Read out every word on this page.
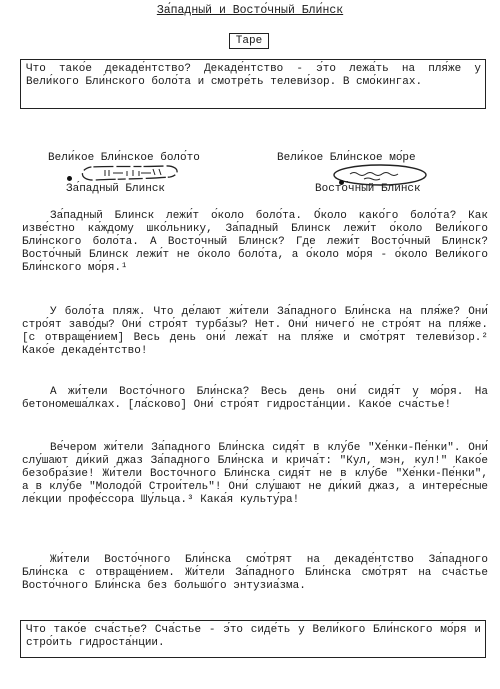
За́падный и Восто́чный Бли́нск
Tape
Что тако́е декаде́нтство? Декаде́нтство - э́то лежа́ть на пля́же у Вели́кого Бли́нского боло́та и смотре́ть телеви́зор. В смо́кингах.
Вели́кое Бли́нское боло́то	Вели́кое Бли́нское мо́ре
За́падный Блинск	Восто́чный Блинск
За́падный Блинск лежи́т о́коло боло́та. О́коло како́го боло́та? Как изве́стно ка́ждому шко́льнику, За́падный Блинск лежи́т о́коло Вели́кого Бли́нского боло́та. А Восто́чный Блинск? Где лежи́т Восто́чный Блинск? Восто́чный Блинск лежи́т не о́коло боло́та, а о́коло мо́ря - о́коло Вели́кого Бли́нского мо́ря.¹
У боло́та пляж. Что де́лают жи́тели За́падного Бли́нска на пля́же? Они́ стро́ят заво́ды? Они́ стро́ят турба́зы? Нет. Они́ ничего́ не стро́ят на пля́же. [с отвраще́нием] Весь день они́ лежа́т на пля́же и смо́трят телеви́зор.² Како́е декаде́нтство!
А жи́тели Восто́чного Бли́нска? Весь день они́ сидя́т у мо́ря. На бетономеша́лках. [ла́сково] Они́ стро́ят гидроста́нции. Како́е сча́стье!
Ве́чером жи́тели За́падного Бли́нска сидя́т в клу́бе "Хе́нки-Пе́нки". Они́ слу́шают ди́кий джаз За́падного Бли́нска и крича́т: "Кул, мэн, кул!" Како́е безобра́зие! Жи́тели Восто́чного Бли́нска сидя́т не в клу́бе "Хе́нки-Пе́нки", а в клу́бе "Молодо́й Строи́тель"! Они́ слу́шают не ди́кий джаз, а интере́сные ле́кции профе́ссора Шу́льца.³ Кака́я культу́ра!
Жи́тели Восто́чного Бли́нска смо́трят на декаде́нтство За́падного Бли́нска с отвраще́нием. Жи́тели За́падного Бли́нска смо́трят на сча́стье Восто́чного Бли́нска без большо́го энтузиа́зма.
Что тако́е сча́стье? Сча́стье - э́то сиде́ть у Вели́кого Бли́нского мо́ря и стро́ить гидроста́нции.
